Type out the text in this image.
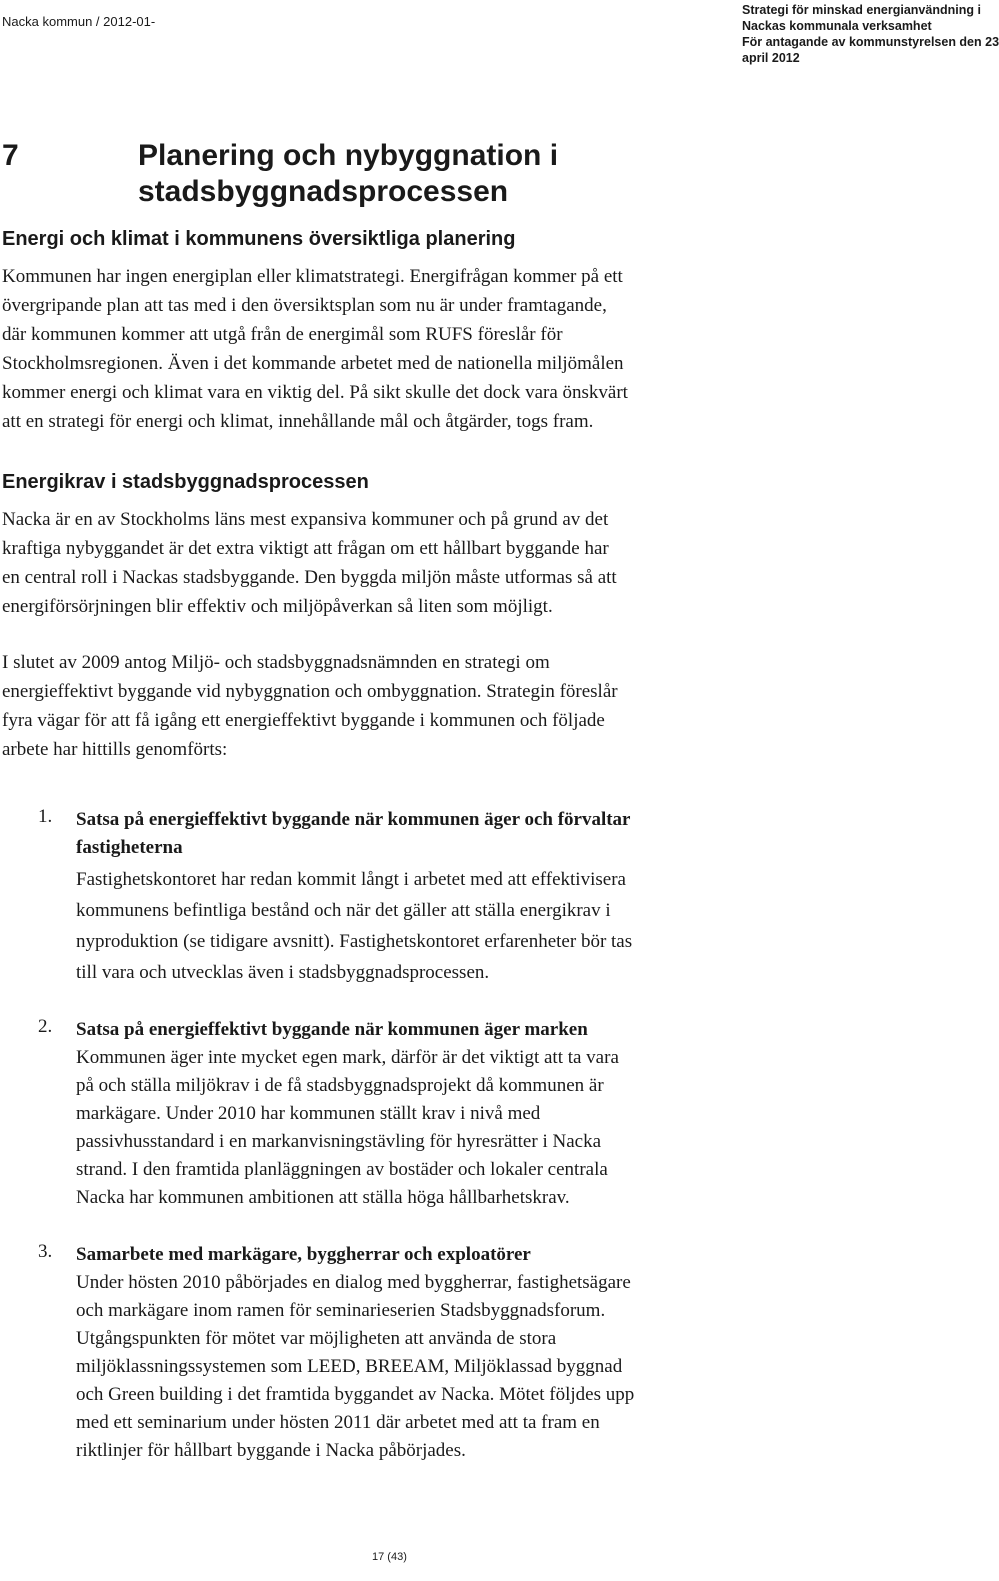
Nacka kommun / 2012-01-
Strategi för minskad energianvändning i
Nackas kommunala verksamhet
För antagande av kommunstyrelsen den 23
april 2012
7	Planering och nybyggnation i
stadsbyggnadsprocessen
Energi och klimat i kommunens översiktliga planering
Kommunen har ingen energiplan eller klimatstrategi. Energifrågan kommer på ett
övergripande plan att tas med i den översiktsplan som nu är under framtagande,
där kommunen kommer att utgå från de energimål som RUFS föreslår för
Stockholmsregionen. Även i det kommande arbetet med de nationella miljömålen
kommer energi och klimat vara en viktig del. På sikt skulle det dock vara önskvärt
att en strategi för energi och klimat, innehållande mål och åtgärder, togs fram.
Energikrav i stadsbyggnadsprocessen
Nacka är en av Stockholms läns mest expansiva kommuner och på grund av det
kraftiga nybyggandet är det extra viktigt att frågan om ett hållbart byggande har
en central roll i Nackas stadsbyggande. Den byggda miljön måste utformas så att
energiförsörjningen blir effektiv och miljöpåverkan så liten som möjligt.
I slutet av 2009 antog Miljö- och stadsbyggnadsnämnden en strategi om
energieffektivt byggande vid nybyggnation och ombyggnation. Strategin föreslår
fyra vägar för att få igång ett energieffektivt byggande i kommunen och följade
arbete har hittills genomförts:
1. Satsa på energieffektivt byggande när kommunen äger och förvaltar
fastigheterna
Fastighetskontoret har redan kommit långt i arbetet med att effektivisera
kommunens befintliga bestånd och när det gäller att ställa energikrav i
nyproduktion (se tidigare avsnitt). Fastighetskontoret erfarenheter bör tas
till vara och utvecklas även i stadsbyggnadsprocessen.
2. Satsa på energieffektivt byggande när kommunen äger marken
Kommunen äger inte mycket egen mark, därför är det viktigt att ta vara
på och ställa miljökrav i de få stadsbyggnadsprojekt då kommunen är
markägare. Under 2010 har kommunen ställt krav i nivå med
passivhusstandard i en markanvisningstävling för hyresrätter i Nacka
strand. I den framtida planläggningen av bostäder och lokaler centrala
Nacka har kommunen ambitionen att ställa höga hållbarhetskrav.
3. Samarbete med markägare, byggherrar och exploatörer
Under hösten 2010 påbörjades en dialog med byggherrar, fastighetsägare
och markägare inom ramen för seminarieserien Stadsbyggnadsforum.
Utgångspunkten för mötet var möjligheten att använda de stora
miljöklassningssystemen som LEED, BREEAM, Miljöklassad byggnad
och Green building i det framtida byggandet av Nacka. Mötet följdes upp
med ett seminarium under hösten 2011 där arbetet med att ta fram en
riktlinjer för hållbart byggande i Nacka påbörjades.
17 (43)
